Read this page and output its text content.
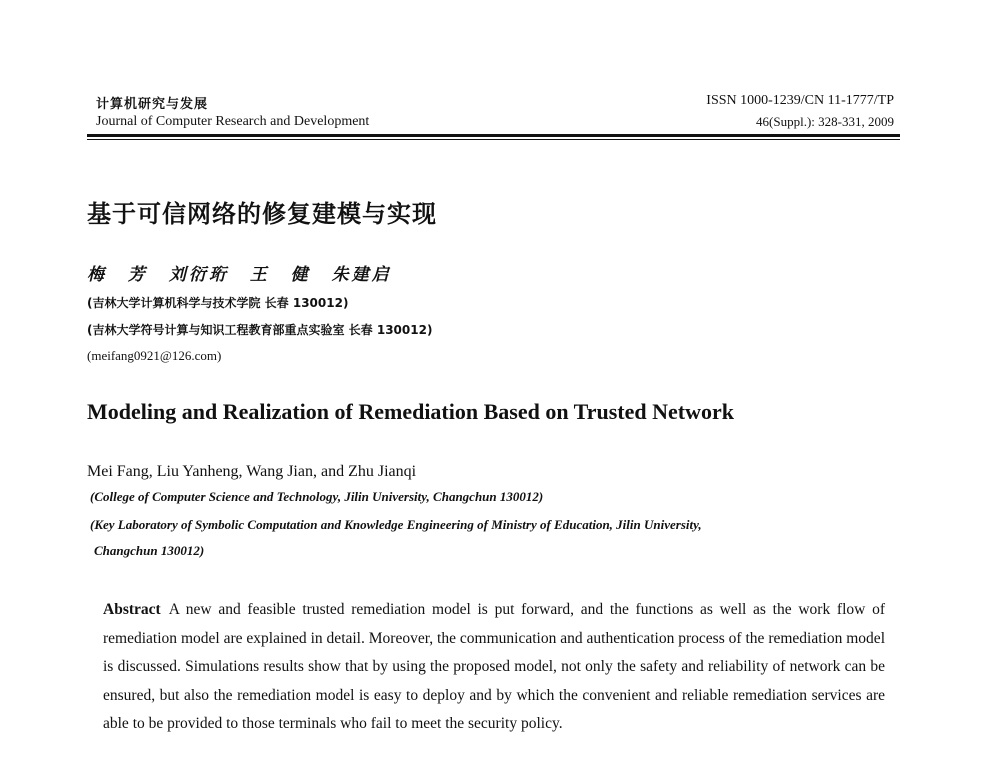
计算机研究与发展
Journal of Computer Research and Development
ISSN 1000-1239/CN 11-1777/TP
46(Suppl.): 328-331, 2009
基于可信网络的修复建模与实现
梅 芳 刘衍珩 王 健 朱建启
(吉林大学计算机科学与技术学院 长春 130012)
(吉林大学符号计算与知识工程教育部重点实验室 长春 130012)
(meifang0921@126.com)
Modeling and Realization of Remediation Based on Trusted Network
Mei Fang, Liu Yanheng, Wang Jian, and Zhu Jianqi
(College of Computer Science and Technology, Jilin University, Changchun 130012)
(Key Laboratory of Symbolic Computation and Knowledge Engineering of Ministry of Education, Jilin University,
Changchun 130012)
Abstract A new and feasible trusted remediation model is put forward, and the functions as well as the work flow of remediation model are explained in detail. Moreover, the communication and authentication process of the remediation model is discussed. Simulations results show that by using the proposed model, not only the safety and reliability of network can be ensured, but also the remediation model is easy to deploy and by which the convenient and reliable remediation services are able to be provided to those terminals who fail to meet the security policy.
